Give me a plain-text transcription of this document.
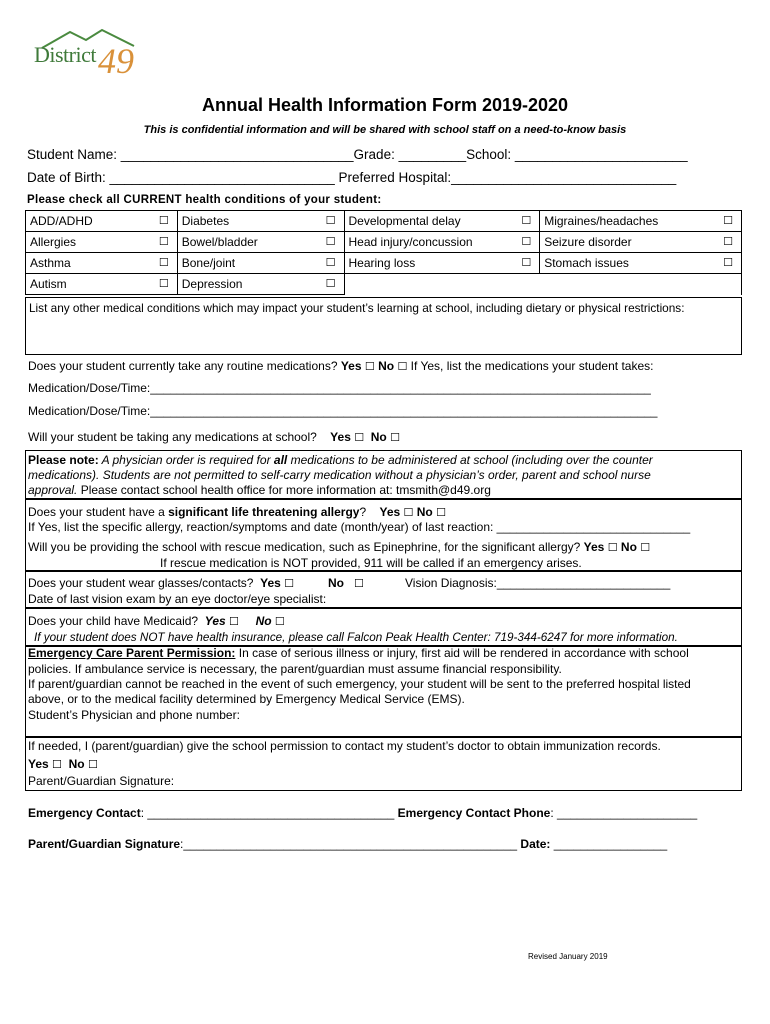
District 49
Annual Health Information Form 2019-2020
This is confidential information and will be shared with school staff on a need-to-know basis
Student Name: _______________________________Grade: _________School: _______________________
Date of Birth: ______________________________ Preferred Hospital:______________________________
Please check all CURRENT health conditions of your student:
ADD/ADHD ☐	Diabetes ☐	Developmental delay ☐	Migraines/headaches ☐

Allergies ☐	Bowel/bladder ☐	Head injury/concussion ☐	Seizure disorder ☐

Asthma ☐	Bone/joint ☐	Hearing loss ☐	Stomach issues ☐

Autism ☐	Depression ☐		

List any other medical conditions which may impact your student’s learning at school, including dietary or physical restrictions:
Does your student currently take any routine medications? Yes ☐ No ☐ If Yes, list the medications your student takes:
Medication/Dose/Time:___________________________________________________________________________
Medication/Dose/Time:____________________________________________________________________________
Will your student be taking any medications at school? Yes ☐ No ☐
Please note: A physician order is required for all medications to be administered at school (including over the counter
medications). Students are not permitted to self-carry medication without a physician’s order, parent and school nurse
approval. Please contact school health office for more information at: tmsmith@d49.org
Does your student have a significant life threatening allergy? Yes ☐ No ☐
If Yes, list the specific allergy, reaction/symptoms and date (month/year) of last reaction: _____________________________
Will you be providing the school with rescue medication, such as Epinephrine, for the significant allergy? Yes ☐ No ☐
If rescue medication is NOT provided, 911 will be called if an emergency arises.
Does your student wear glasses/contacts? Yes ☐	No ☐	Vision Diagnosis:__________________________
Date of last vision exam by an eye doctor/eye specialist:
Does your child have Medicaid? Yes ☐ No ☐
If your student does NOT have health insurance, please call Falcon Peak Health Center: 719-344-6247 for more information.
Emergency Care Parent Permission: In case of serious illness or injury, first aid will be rendered in accordance with school
policies. If ambulance service is necessary, the parent/guardian must assume financial responsibility.
If parent/guardian cannot be reached in the event of such emergency, your student will be sent to the preferred hospital listed
above, or to the medical facility determined by Emergency Medical Service (EMS).
Student’s Physician and phone number:
If needed, I (parent/guardian) give the school permission to contact my student’s doctor to obtain immunization records.
Yes ☐ No ☐
Parent/Guardian Signature:
Emergency Contact: _____________________________________ Emergency Contact Phone: _____________________
Parent/Guardian Signature:__________________________________________________ Date: _________________
Revised January 2019
